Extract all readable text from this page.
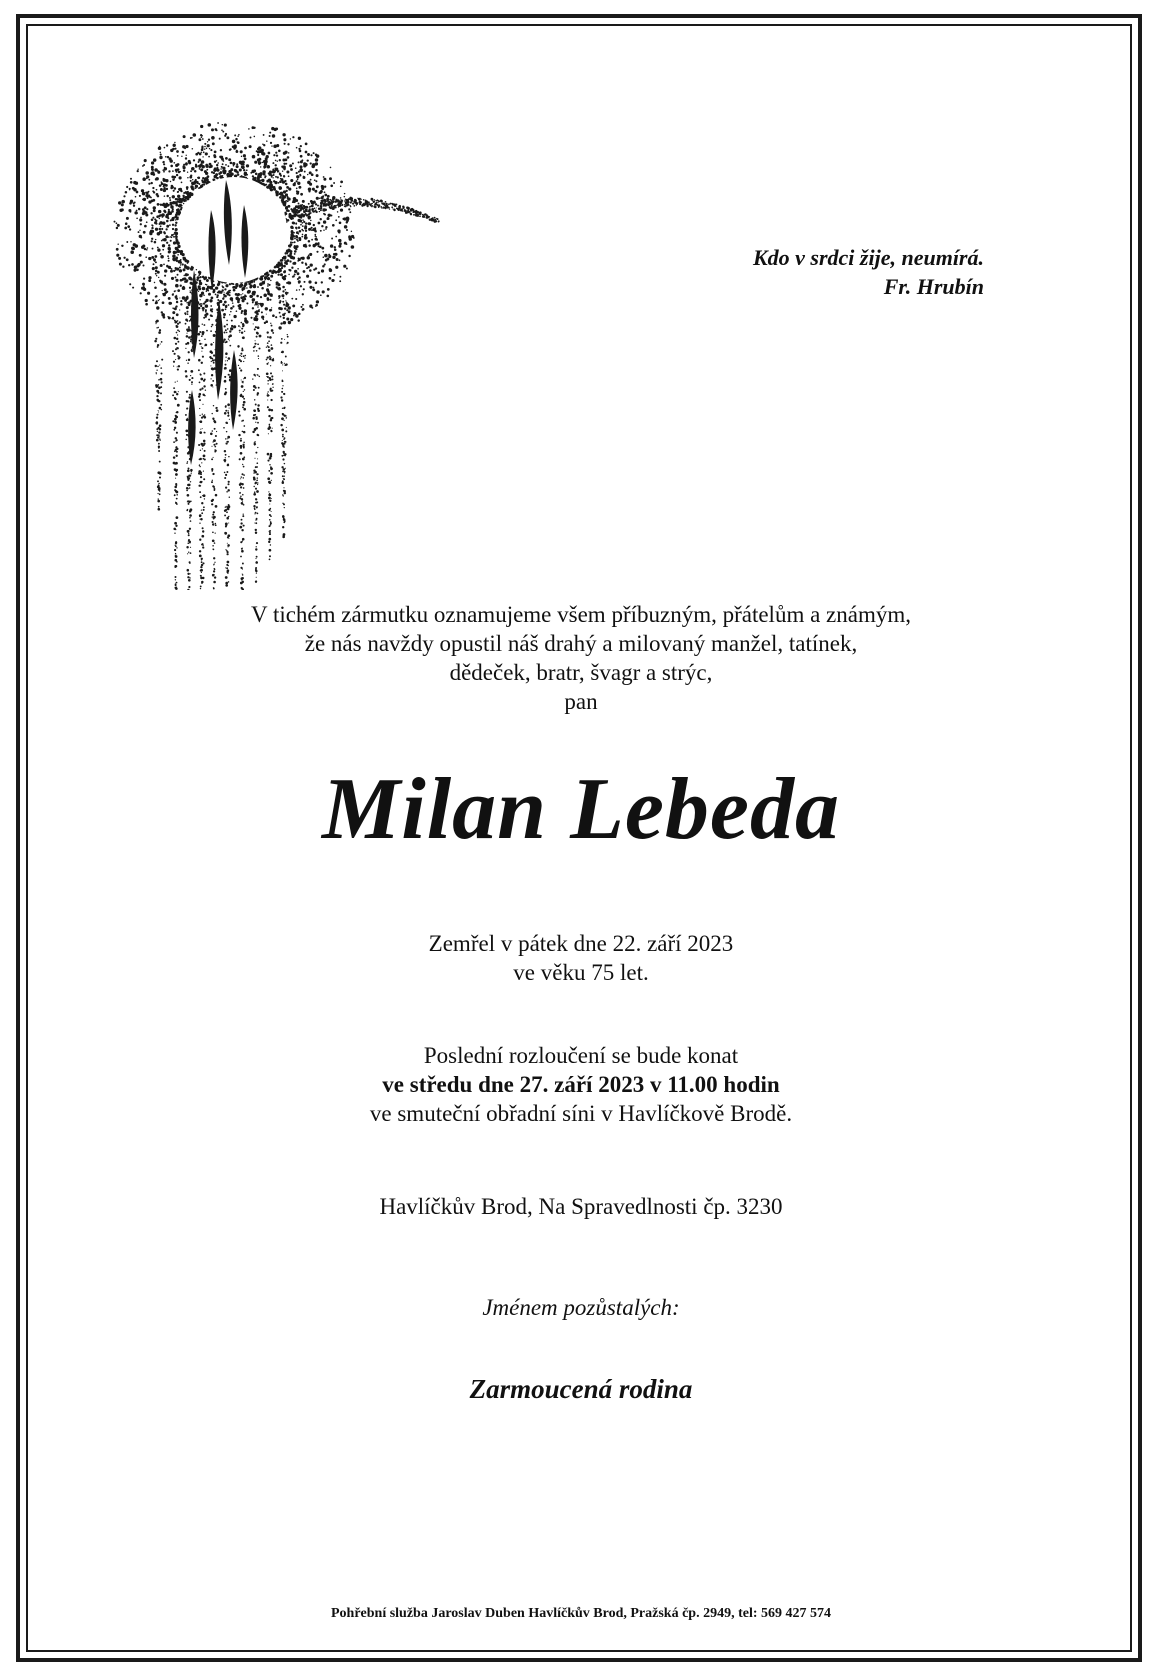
Kdo v srdci žije, neumírá.
Fr. Hrubín
V tichém zármutku oznamujeme všem příbuzným, přátelům a známým,
že nás navždy opustil náš drahý a milovaný manžel, tatínek,
dědeček, bratr, švagr a strýc,
pan
Milan Lebeda
Zemřel v pátek dne 22. září 2023
ve věku 75 let.
Poslední rozloučení se bude konat
ve středu dne 27. září 2023 v 11.00 hodin
ve smuteční obřadní síni v Havlíčkově Brodě.
Havlíčkův Brod, Na Spravedlnosti čp. 3230
Jménem pozůstalých:
Zarmoucená rodina
Pohřební služba Jaroslav Duben Havlíčkův Brod, Pražská čp. 2949, tel: 569 427 574
